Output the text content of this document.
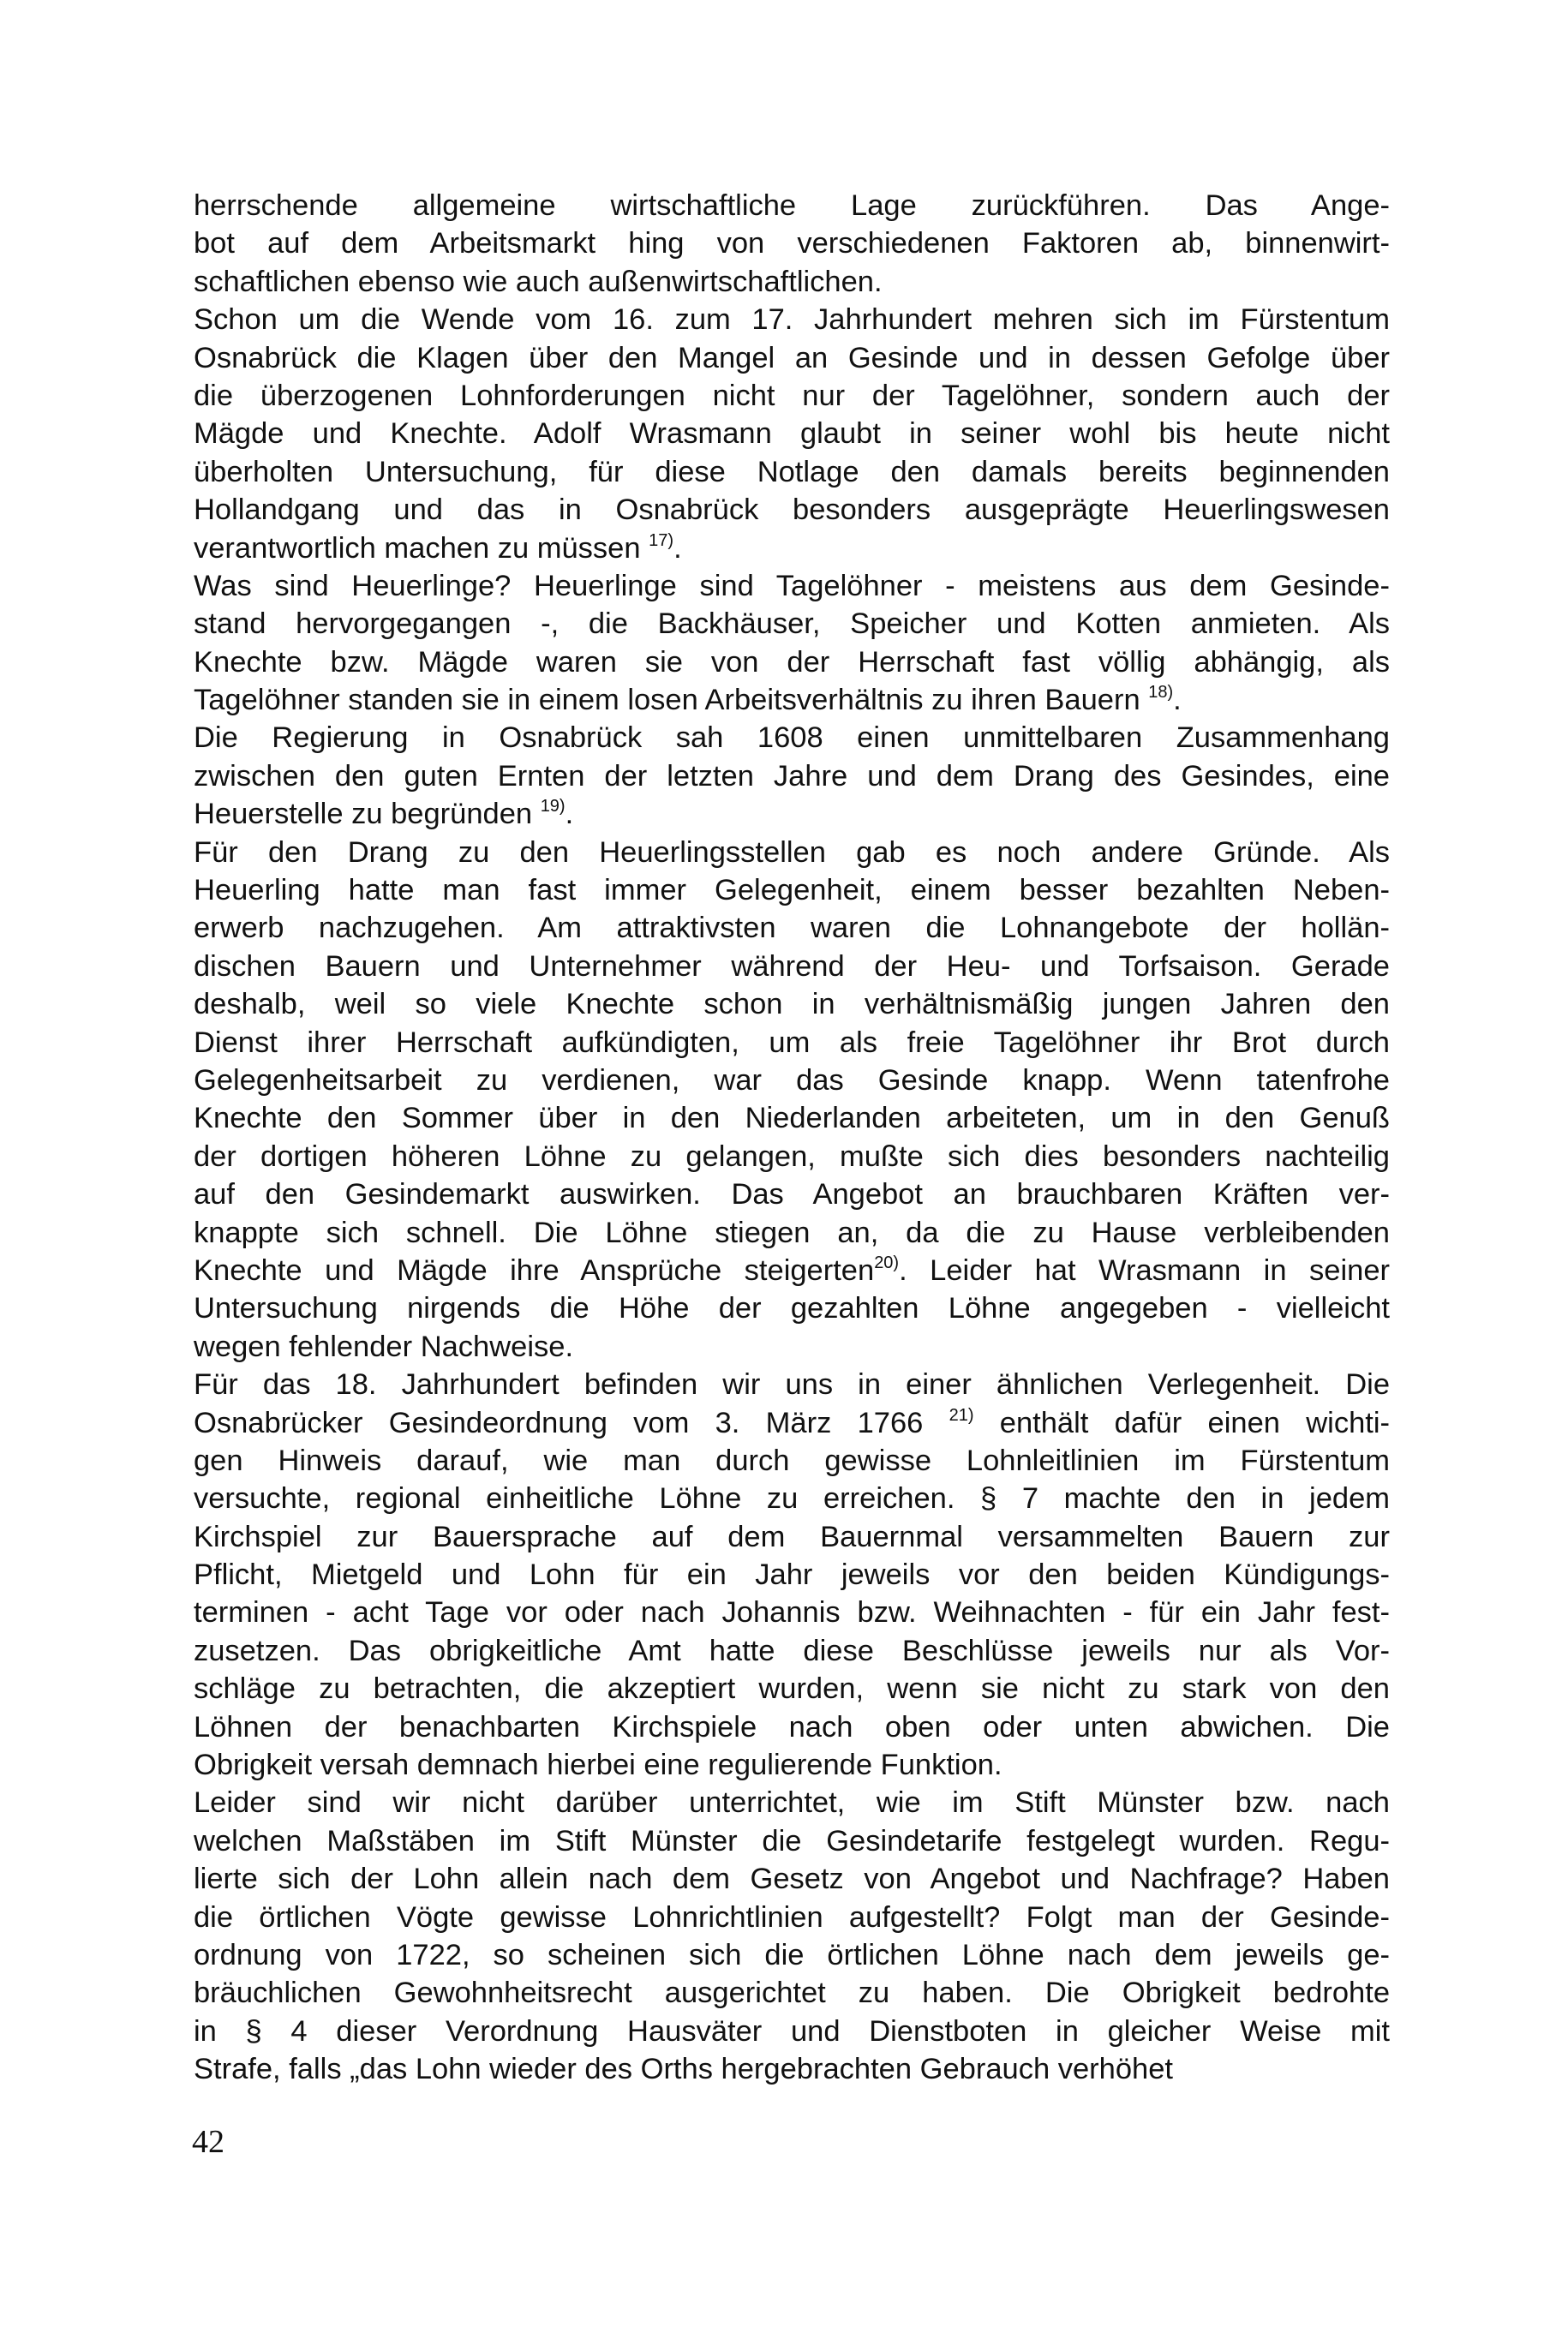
herrschende allgemeine wirtschaftliche Lage zurückführen. Das Ange-
bot auf dem Arbeitsmarkt hing von verschiedenen Faktoren ab, binnenwirt-
schaftlichen ebenso wie auch außenwirtschaftlichen.
Schon um die Wende vom 16. zum 17. Jahrhundert mehren sich im Fürstentum
Osnabrück die Klagen über den Mangel an Gesinde und in dessen Gefolge über
die überzogenen Lohnforderungen nicht nur der Tagelöhner, sondern auch der
Mägde und Knechte. Adolf Wrasmann glaubt in seiner wohl bis heute nicht
überholten Untersuchung, für diese Notlage den damals bereits beginnenden
Hollandgang und das in Osnabrück besonders ausgeprägte Heuerlingswesen
verantwortlich machen zu müssen $^{17)}$.
Was sind Heuerlinge? Heuerlinge sind Tagelöhner - meistens aus dem Gesinde-
stand hervorgegangen -, die Backhäuser, Speicher und Kotten anmieten. Als
Knechte bzw. Mägde waren sie von der Herrschaft fast völlig abhängig, als
Tagelöhner standen sie in einem losen Arbeitsverhältnis zu ihren Bauern $^{18)}$.
Die Regierung in Osnabrück sah 1608 einen unmittelbaren Zusammenhang
zwischen den guten Ernten der letzten Jahre und dem Drang des Gesindes, eine
Heuerstelle zu begründen $^{19)}$.
Für den Drang zu den Heuerlingsstellen gab es noch andere Gründe. Als
Heuerling hatte man fast immer Gelegenheit, einem besser bezahlten Neben-
erwerb nachzugehen. Am attraktivsten waren die Lohnangebote der hollän-
dischen Bauern und Unternehmer während der Heu- und Torfsaison. Gerade
deshalb, weil so viele Knechte schon in verhältnismäßig jungen Jahren den
Dienst ihrer Herrschaft aufkündigten, um als freie Tagelöhner ihr Brot durch
Gelegenheitsarbeit zu verdienen, war das Gesinde knapp. Wenn tatenfrohe
Knechte den Sommer über in den Niederlanden arbeiteten, um in den Genuß
der dortigen höheren Löhne zu gelangen, mußte sich dies besonders nachteilig
auf den Gesindemarkt auswirken. Das Angebot an brauchbaren Kräften ver-
knappte sich schnell. Die Löhne stiegen an, da die zu Hause verbleibenden
Knechte und Mägde ihre Ansprüche steigerten$^{20)}$. Leider hat Wrasmann in seiner
Untersuchung nirgends die Höhe der gezahlten Löhne angegeben - vielleicht
wegen fehlender Nachweise.
Für das 18. Jahrhundert befinden wir uns in einer ähnlichen Verlegenheit. Die
Osnabrücker Gesindeordnung vom 3. März 1766 $^{21)}$ enthält dafür einen wichti-
gen Hinweis darauf, wie man durch gewisse Lohnleitlinien im Fürstentum
versuchte, regional einheitliche Löhne zu erreichen. § 7 machte den in jedem
Kirchspiel zur Bauersprache auf dem Bauernmal versammelten Bauern zur
Pflicht, Mietgeld und Lohn für ein Jahr jeweils vor den beiden Kündigungs-
terminen - acht Tage vor oder nach Johannis bzw. Weihnachten - für ein Jahr fest-
zusetzen. Das obrigkeitliche Amt hatte diese Beschlüsse jeweils nur als Vor-
schläge zu betrachten, die akzeptiert wurden, wenn sie nicht zu stark von den
Löhnen der benachbarten Kirchspiele nach oben oder unten abwichen. Die
Obrigkeit versah demnach hierbei eine regulierende Funktion.
Leider sind wir nicht darüber unterrichtet, wie im Stift Münster bzw. nach
welchen Maßstäben im Stift Münster die Gesindetarife festgelegt wurden. Regu-
lierte sich der Lohn allein nach dem Gesetz von Angebot und Nachfrage? Haben
die örtlichen Vögte gewisse Lohnrichtlinien aufgestellt? Folgt man der Gesinde-
ordnung von 1722, so scheinen sich die örtlichen Löhne nach dem jeweils ge-
bräuchlichen Gewohnheitsrecht ausgerichtet zu haben. Die Obrigkeit bedrohte
in § 4 dieser Verordnung Hausväter und Dienstboten in gleicher Weise mit
Strafe, falls „das Lohn wieder des Orths hergebrachten Gebrauch verhöhet
42
